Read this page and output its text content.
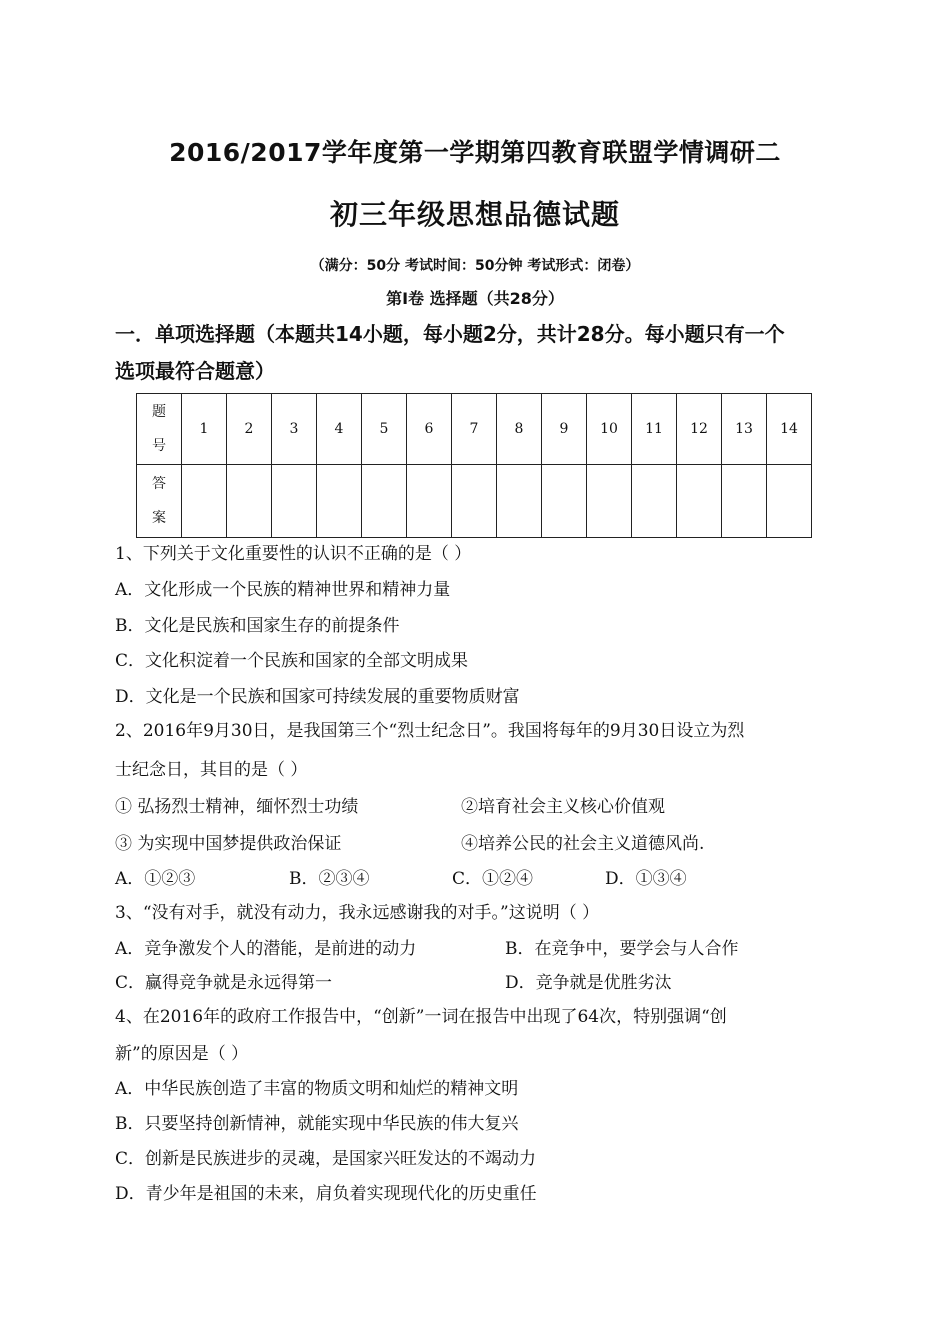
2016/2017学年度第一学期第四教育联盟学情调研二
初三年级思想品德试题
（满分：50分 考试时间：50分钟 考试形式：闭卷）
第Ⅰ卷 选择题（共28分）
一．单项选择题（本题共14小题，每小题2分，共计28分。每小题只有一个
选项最符合题意）
题
号	1	2	3	4	5	6	7	8	9	10	11	12	13	14

答
案														

1、下列关于文化重要性的认识不正确的是（ ）
A．文化形成一个民族的精神世界和精神力量
B．文化是民族和国家生存的前提条件
C．文化积淀着一个民族和国家的全部文明成果
D．文化是一个民族和国家可持续发展的重要物质财富
2、2016年9月30日，是我国第三个“烈士纪念日”。我国将每年的9月30日设立为烈
士纪念日，其目的是（ ）
① 弘扬烈士精神，缅怀烈士功绩	②培育社会主义核心价值观
③ 为实现中国梦提供政治保证	④培养公民的社会主义道德风尚.
A．①②③	B．②③④	C．①②④	D．①③④
3、“没有对手，就没有动力，我永远感谢我的对手。”这说明（ ）
A．竞争激发个人的潜能，是前进的动力	B．在竞争中，要学会与人合作
C．赢得竞争就是永远得第一	D．竞争就是优胜劣汰
4、在2016年的政府工作报告中，“创新”一词在报告中出现了64次，特别强调“创
新”的原因是（ ）
A．中华民族创造了丰富的物质文明和灿烂的精神文明
B．只要坚持创新情神，就能实现中华民族的伟大复兴
C．创新是民族进步的灵魂，是国家兴旺发达的不竭动力
D．青少年是祖国的未来，肩负着实现现代化的历史重任
